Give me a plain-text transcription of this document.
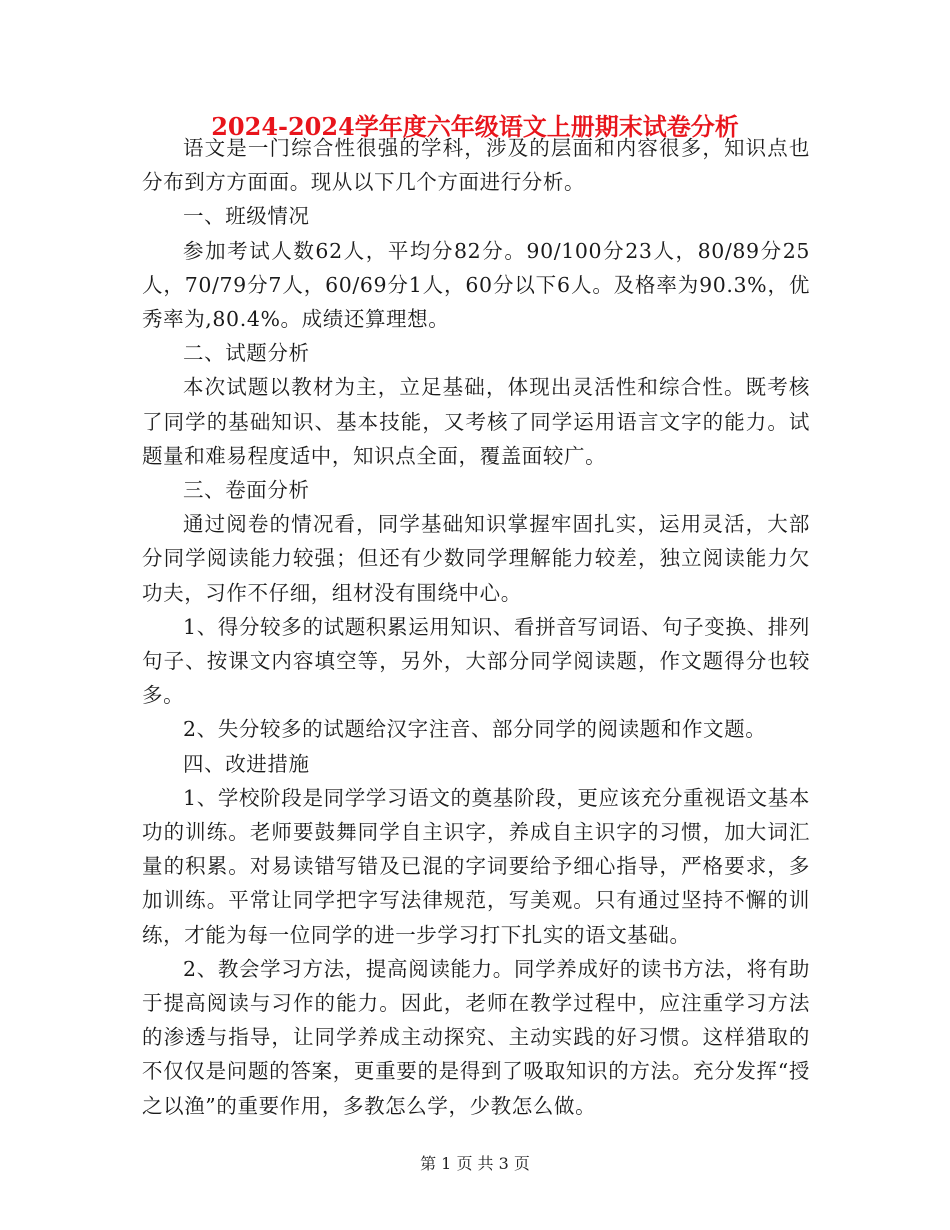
2024-2024学年度六年级语文上册期末试卷分析

语文是一门综合性很强的学科，涉及的层面和内容很多，知识点也分布到方方面面。现从以下几个方面进行分析。

一、班级情况

参加考试人数62人，平均分82分。90/100分23人，80/89分25人，70/79分7人，60/69分1人，60分以下6人。及格率为90.3%，优秀率为,80.4%。成绩还算理想。

二、试题分析

本次试题以教材为主，立足基础，体现出灵活性和综合性。既考核了同学的基础知识、基本技能，又考核了同学运用语言文字的能力。试题量和难易程度适中，知识点全面，覆盖面较广。

三、卷面分析

通过阅卷的情况看，同学基础知识掌握牢固扎实，运用灵活，大部分同学阅读能力较强；但还有少数同学理解能力较差，独立阅读能力欠功夫，习作不仔细，组材没有围绕中心。

1、得分较多的试题积累运用知识、看拼音写词语、句子变换、排列句子、按课文内容填空等，另外，大部分同学阅读题，作文题得分也较多。

2、失分较多的试题给汉字注音、部分同学的阅读题和作文题。

四、改进措施

1、学校阶段是同学学习语文的奠基阶段，更应该充分重视语文基本功的训练。老师要鼓舞同学自主识字，养成自主识字的习惯，加大词汇量的积累。对易读错写错及已混的字词要给予细心指导，严格要求，多加训练。平常让同学把字写法律规范，写美观。只有通过坚持不懈的训练，才能为每一位同学的进一步学习打下扎实的语文基础。

2、教会学习方法，提高阅读能力。同学养成好的读书方法，将有助于提高阅读与习作的能力。因此，老师在教学过程中，应注重学习方法的渗透与指导，让同学养成主动探究、主动实践的好习惯。这样猎取的不仅仅是问题的答案，更重要的是得到了吸取知识的方法。充分发挥“授之以渔”的重要作用，多教怎么学，少教怎么做。

第 1 页 共 3 页
